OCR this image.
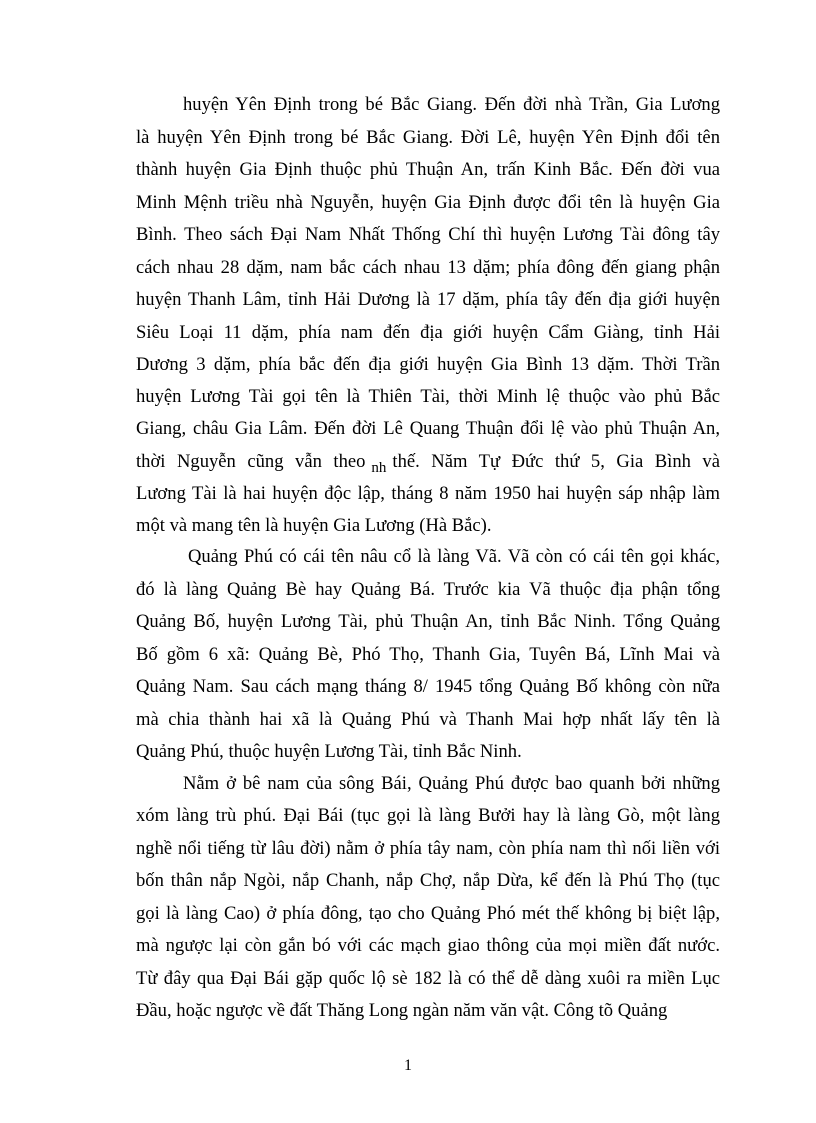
huyện Yên Định trong bé Bắc Giang. Đến đời nhà Trần, Gia Lương
là huyện Yên Định trong bé Bắc Giang. Đời Lê, huyện Yên Định đổi tên
thành huyện Gia Định thuộc phủ Thuận An, trấn Kinh Bắc. Đến đời vua
Minh Mệnh triều nhà Nguyễn, huyện Gia Định được đổi tên là huyện Gia
Bình. Theo sách Đại Nam Nhất Thống Chí thì huyện Lương Tài đông tây
cách nhau 28 dặm, nam bắc cách nhau 13 dặm; phía đông đến giang phận
huyện Thanh Lâm, tỉnh Hải Dương là 17 dặm, phía tây đến địa giới huyện
Siêu Loại 11 dặm, phía nam đến địa giới huyện Cẩm Giàng, tỉnh Hải
Dương 3 dặm, phía bắc đến địa giới huyện Gia Bình 13 dặm. Thời Trần
huyện Lương Tài gọi tên là Thiên Tài, thời Minh lệ thuộc vào phủ Bắc
Giang, châu Gia Lâm. Đến đời Lê Quang Thuận đổi lệ vào phủ Thuận An,
thời Nguyễn cũng vẫn theo $_{nh}$ thế. Năm Tự Đức thứ 5, Gia Bình và
Lương Tài là hai huyện độc lập, tháng 8 năm 1950 hai huyện sáp nhập làm
một và mang tên là huyện Gia Lương (Hà Bắc).
Quảng Phú có cái tên nâu cổ là làng Vã. Vã còn có cái tên gọi khác,
đó là làng Quảng Bè hay Quảng Bá. Trước kia Vã thuộc địa phận tổng
Quảng Bố, huyện Lương Tài, phủ Thuận An, tỉnh Bắc Ninh. Tổng Quảng
Bố gồm 6 xã: Quảng Bè, Phó Thọ, Thanh Gia, Tuyên Bá, Lĩnh Mai và
Quảng Nam. Sau cách mạng tháng 8/ 1945 tổng Quảng Bố không còn nữa
mà chia thành hai xã là Quảng Phú và Thanh Mai hợp nhất lấy tên là
Quảng Phú, thuộc huyện Lương Tài, tỉnh Bắc Ninh.
Nằm ở bê nam của sông Bái, Quảng Phú được bao quanh bởi những
xóm làng trù phú. Đại Bái (tục gọi là làng Bưởi hay là làng Gò, một làng
nghề nổi tiếng từ lâu đời) nằm ở phía tây nam, còn phía nam thì nối liền với
bốn thân nắp Ngòi, nắp Chanh, nắp Chợ, nắp Dừa, kể đến là Phú Thọ (tục
gọi là làng Cao) ở phía đông, tạo cho Quảng Phó mét thế không bị biệt lập,
mà ngược lại còn gắn bó với các mạch giao thông của mọi miền đất nước.
Từ đây qua Đại Bái gặp quốc lộ sè 182 là có thể dễ dàng xuôi ra miền Lục
Đầu, hoặc ngược về đất Thăng Long ngàn năm văn vật. Công tõ Quảng
1
